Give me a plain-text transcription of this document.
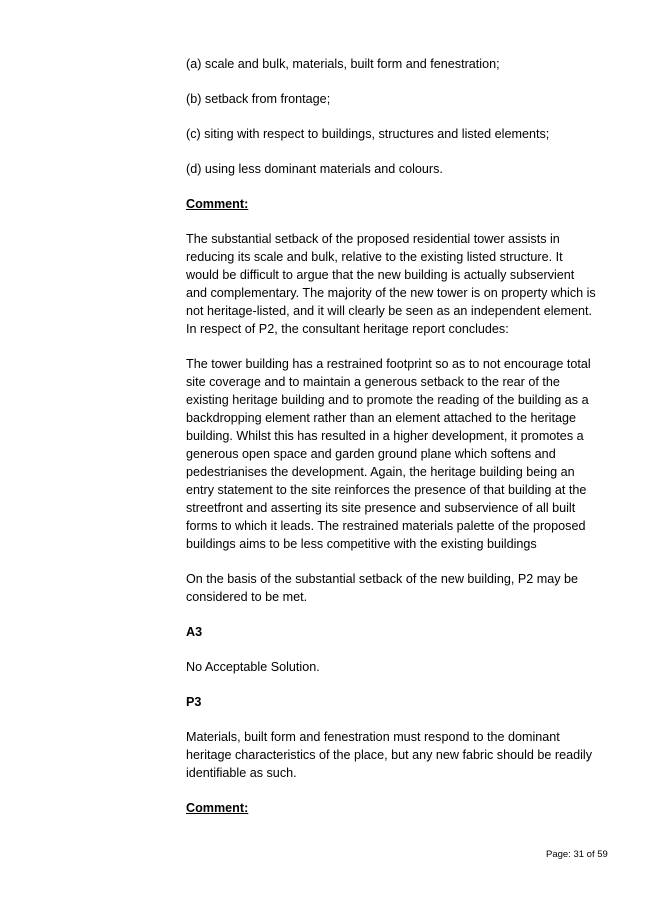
(a) scale and bulk, materials, built form and fenestration;

(b) setback from frontage;

(c) siting with respect to buildings, structures and listed elements;

(d) using less dominant materials and colours.

Comment:

The substantial setback of the proposed residential tower assists in reducing its scale and bulk, relative to the existing listed structure. It would be difficult to argue that the new building is actually subservient and complementary. The majority of the new tower is on property which is not heritage-listed, and it will clearly be seen as an independent element. In respect of P2, the consultant heritage report concludes:

The tower building has a restrained footprint so as to not encourage total site coverage and to maintain a generous setback to the rear of the existing heritage building and to promote the reading of the building as a backdropping element rather than an element attached to the heritage building. Whilst this has resulted in a higher development, it promotes a generous open space and garden ground plane which softens and pedestrianises the development. Again, the heritage building being an entry statement to the site reinforces the presence of that building at the streetfront and asserting its site presence and subservience of all built forms to which it leads. The restrained materials palette of the proposed buildings aims to be less competitive with the existing buildings

On the basis of the substantial setback of the new building, P2 may be considered to be met.

A3

No Acceptable Solution.

P3

Materials, built form and fenestration must respond to the dominant heritage characteristics of the place, but any new fabric should be readily identifiable as such.

Comment:

Page: 31 of 59
